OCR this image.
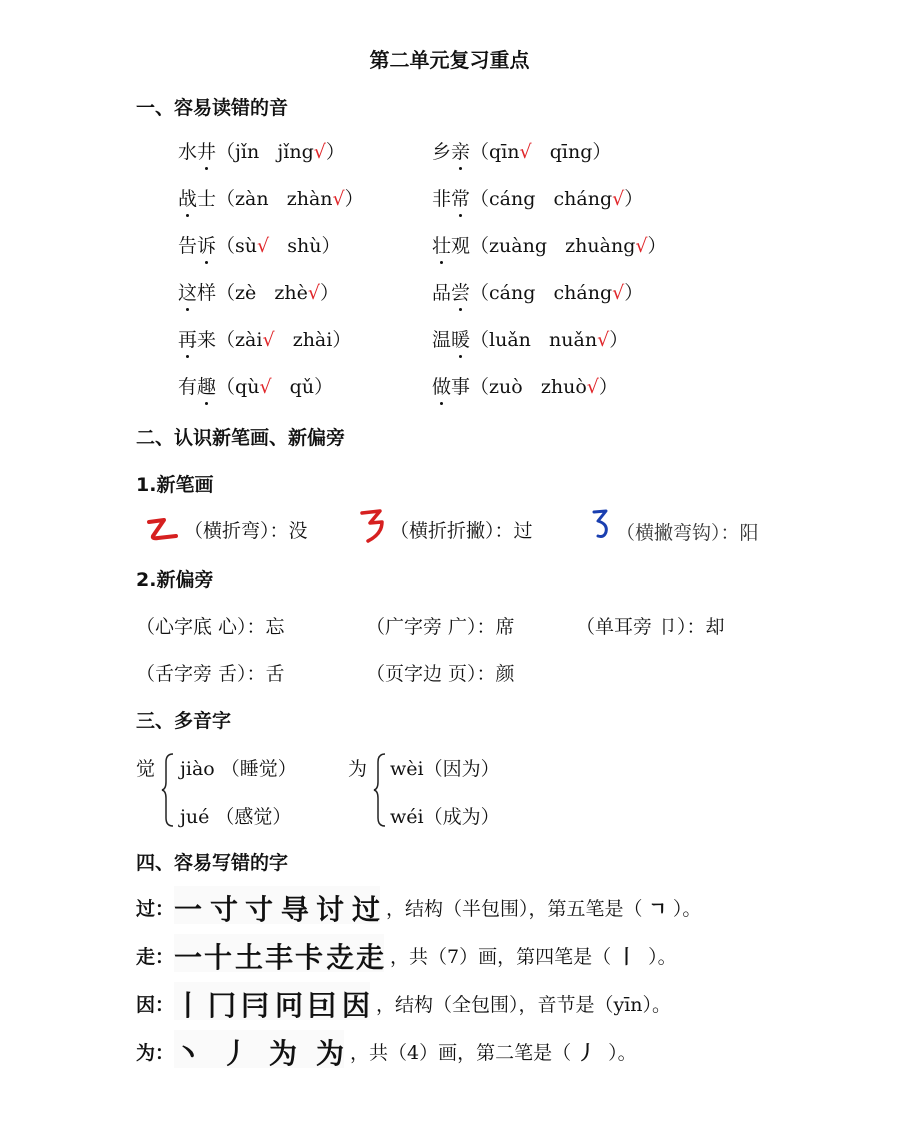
第二单元复习重点
一、容易读错的音
水井（jǐn jǐng√）	乡亲（qīn√ qīng）
战士（zàn zhàn√）	非常（cáng cháng√）
告诉（sù√ shù）	壮观（zuàng zhuàng√）
这样（zè zhè√）	品尝（cáng cháng√）
再来（zài√ zhài）	温暖（luǎn nuǎn√）
有趣（qù√ qǔ）	做事（zuò zhuò√）
二、认识新笔画、新偏旁
1.新笔画
（横折弯）：没	（横折折撇）：过	（横撇弯钩）：阳
2.新偏旁
（心字底 心）：忘	（广字旁 广）：席	（单耳旁 卩）：却
（舌字旁 舌）：舌	（页字边 页）：颜
三、多音字
觉 jiào （睡觉）
jué （感觉）
为 wèi（因为）
wéi（成为）
四、容易写错的字
过： 一 寸 寸 㝵 讨 过 ，结构（半包围），第五笔是（ ㄱ ）。
走： 一 十 土 丰 卡 赱 走 ，共（7）画，第四笔是（ 丨 ）。
因： 丨 冂 冃 冋 囙 因 ，结构（全包围），音节是（yīn）。
为： 丶 丿 为 为 ，共（4）画，第二笔是（ 丿 ）。
